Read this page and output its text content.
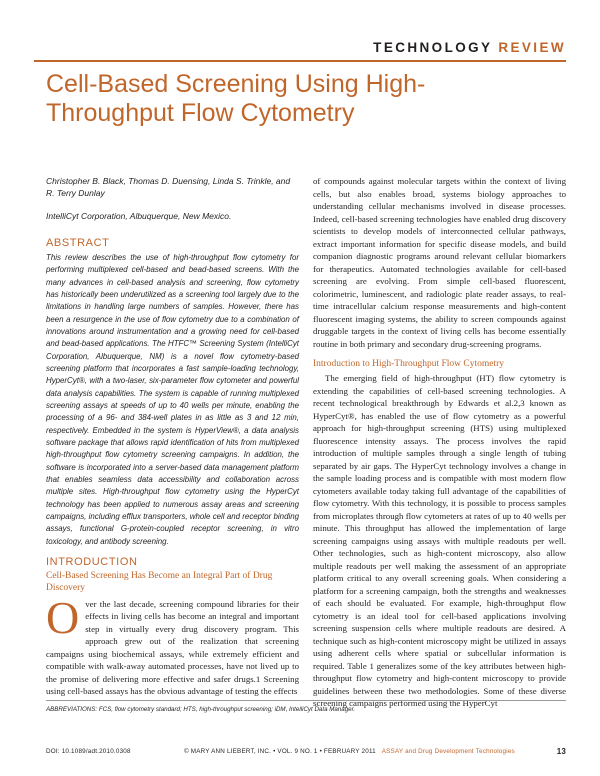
TECHNOLOGY REVIEW
Cell-Based Screening Using High-Throughput Flow Cytometry
Christopher B. Black, Thomas D. Duensing, Linda S. Trinkle, and R. Terry Dunlay
IntelliCyt Corporation, Albuquerque, New Mexico.
ABSTRACT

This review describes the use of high-throughput flow cytometry for performing multiplexed cell-based and bead-based screens. With the many advances in cell-based analysis and screening, flow cytometry has historically been underutilized as a screening tool largely due to the limitations in handling large numbers of samples. However, there has been a resurgence in the use of flow cytometry due to a combination of innovations around instrumentation and a growing need for cell-based and bead-based applications. The HTFC™ Screening System (IntelliCyt Corporation, Albuquerque, NM) is a novel flow cytometry-based screening platform that incorporates a fast sample-loading technology, HyperCyt®, with a two-laser, six-parameter flow cytometer and powerful data analysis capabilities. The system is capable of running multiplexed screening assays at speeds of up to 40 wells per minute, enabling the processing of a 96- and 384-well plates in as little as 3 and 12 min, respectively. Embedded in the system is HyperView®, a data analysis software package that allows rapid identification of hits from multiplexed high-throughput flow cytometry screening campaigns. In addition, the software is incorporated into a server-based data management platform that enables seamless data accessibility and collaboration across multiple sites. High-throughput flow cytometry using the HyperCyt technology has been applied to numerous assay areas and screening campaigns, including efflux transporters, whole cell and receptor binding assays, functional G-protein-coupled receptor screening, in vitro toxicology, and antibody screening.

INTRODUCTION
Cell-Based Screening Has Become an Integral Part of Drug Discovery

Over the last decade, screening compound libraries for their effects in living cells has become an integral and important step in virtually every drug discovery program. This approach grew out of the realization that screening campaigns using biochemical assays, while extremely efficient and compatible with walk-away automated processes, have not lived up to the promise of delivering more effective and safer drugs.1 Screening using cell-based assays has the obvious advantage of testing the effects

of compounds against molecular targets within the context of living cells, but also enables broad, systems biology approaches to understanding cellular mechanisms involved in disease processes. Indeed, cell-based screening technologies have enabled drug discovery scientists to develop models of interconnected cellular pathways, extract important information for specific disease models, and build companion diagnostic programs around relevant cellular biomarkers for therapeutics. Automated technologies available for cell-based screening are evolving. From simple cell-based fluorescent, colorimetric, luminescent, and radiologic plate reader assays, to real-time intracellular calcium response measurements and high-content fluorescent imaging systems, the ability to screen compounds against druggable targets in the context of living cells has become essentially routine in both primary and secondary drug-screening programs.

Introduction to High-Throughput Flow Cytometry

The emerging field of high-throughput (HT) flow cytometry is extending the capabilities of cell-based screening technologies. A recent technological breakthrough by Edwards et al.2,3 known as HyperCyt®, has enabled the use of flow cytometry as a powerful approach for high-throughput screening (HTS) using multiplexed fluorescence intensity assays. The process involves the rapid introduction of multiple samples through a single length of tubing separated by air gaps. The HyperCyt technology involves a change in the sample loading process and is compatible with most modern flow cytometers available today taking full advantage of the capabilities of flow cytometry. With this technology, it is possible to process samples from microplates through flow cytometers at rates of up to 40 wells per minute. This throughput has allowed the implementation of large screening campaigns using assays with multiple readouts per well. Other technologies, such as high-content microscopy, also allow multiple readouts per well making the assessment of an appropriate platform critical to any overall screening goals. When considering a platform for a screening campaign, both the strengths and weaknesses of each should be evaluated. For example, high-throughput flow cytometry is an ideal tool for cell-based applications involving screening suspension cells where multiple readouts are desired. A technique such as high-content microscopy might be utilized in assays using adherent cells where spatial or subcellular information is required. Table 1 generalizes some of the key attributes between high-throughput flow cytometry and high-content microscopy to provide guidelines between these two methodologies. Some of these diverse screening campaigns performed using the HyperCyt

ABBREVIATIONS: FCS, flow cytometry standard; HTS, high-throughput screening; iDM, IntelliCyt Data Manager.
DOI: 10.1089/adt.2010.0308	© MARY ANN LIEBERT, INC. • VOL. 9 NO. 1 • FEBRUARY 2011 ASSAY and Drug Development Technologies	13
